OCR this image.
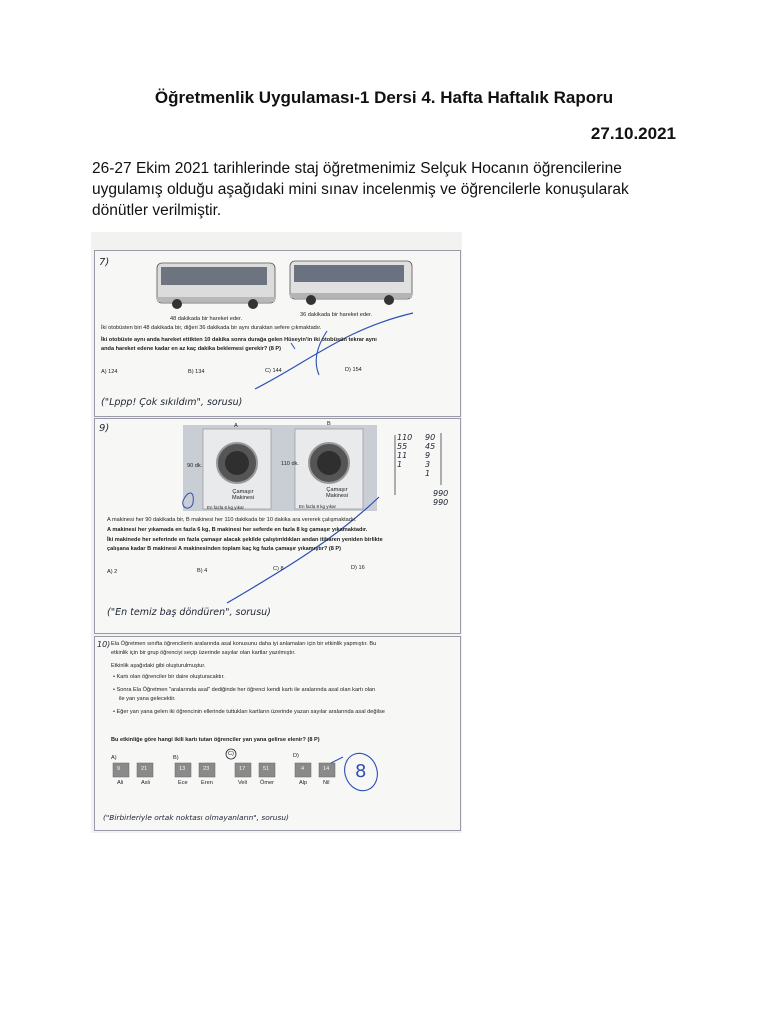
Öğretmenlik Uygulaması-1 Dersi 4. Hafta Haftalık Raporu
27.10.2021

26-27 Ekim 2021 tarihlerinde staj öğretmenimiz Selçuk Hocanın öğrencilerine uygulamış olduğu aşağıdaki mini sınav incelenmiş ve öğrencilerle konuşularak dönütler verilmiştir.

7)
48 dakikada bir hareket eder.
36 dakikada bir hareket eder.
İki otobüsten biri 48 dakikada bir, diğeri 36 dakikada bir aynı duraktan sefere çıkmaktadır.
İki otobüste aynı anda hareket ettikten 10 dakika sonra durağa gelen Hüseyin'in iki otobüsün tekrar aynı
anda hareket edene kadar en az kaç dakika beklemesi gerekir? (8 P)
A) 124	B) 134	C) 144	D) 154
("Lppp! Çok sıkıldım", sorusu)
9)	A	B
90 dk.	110 dk.
Çamaşır Makinesi
Çamaşır Makinesi
En fazla 6 kg yıkar	En fazla 8 kg yıkar
110
55
11
1
90
45
9
3
1
990
990
A makinesi her 90 dakikada bir, B makinesi her 110 dakikada bir 10 dakika ara vererek çalışmaktadır.
A makinesi her yıkamada en fazla 6 kg, B makinesi her seferde en fazla 8 kg çamaşır yıkamaktadır.
İki makinede her seferinde en fazla çamaşır alacak şekilde çalıştırıldıkları andan itibaren yeniden birlikte
çalışana kadar B makinesi A makinesinden toplam kaç kg fazla çamaşır yıkamıştır? (8 P)
A) 2	B) 4	C) 8	D) 16
("En temiz baş döndüren", sorusu)
10) Ela Öğretmen sınıfta öğrencilerin aralarında asal konusunu daha iyi anlamaları için bir etkinlik yapmıştır. Bu
etkinlik için bir grup öğrenciyi seçip üzerinde sayılar olan kartlar yazılmıştır.
Etkinlik aşağıdaki gibi oluşturulmuştur.
• Kartı olan öğrenciler bir daire oluşturacaktır.
• Sonra Ela Öğretmen "aralarında asal" dediğinde her öğrenci kendi kartı ile aralarında asal olan kartı olan
ile yan yana gelecektir.
• Eğer yan yana gelen iki öğrencinin ellerinde tuttukları kartların üzerinde yazan sayılar aralarında asal değilse
Bu etkinliğe göre hangi ikili kartı tutan öğrenciler yan yana gelirse elenir? (8 P)
A)	B)
C)	D)
9	21	13	23	17	51	4	14
Ali	Aslı	Ece Eren	Veli Ömer	Alp	Nil
8
("Birbirleriyle ortak noktası olmayanların", sorusu)
